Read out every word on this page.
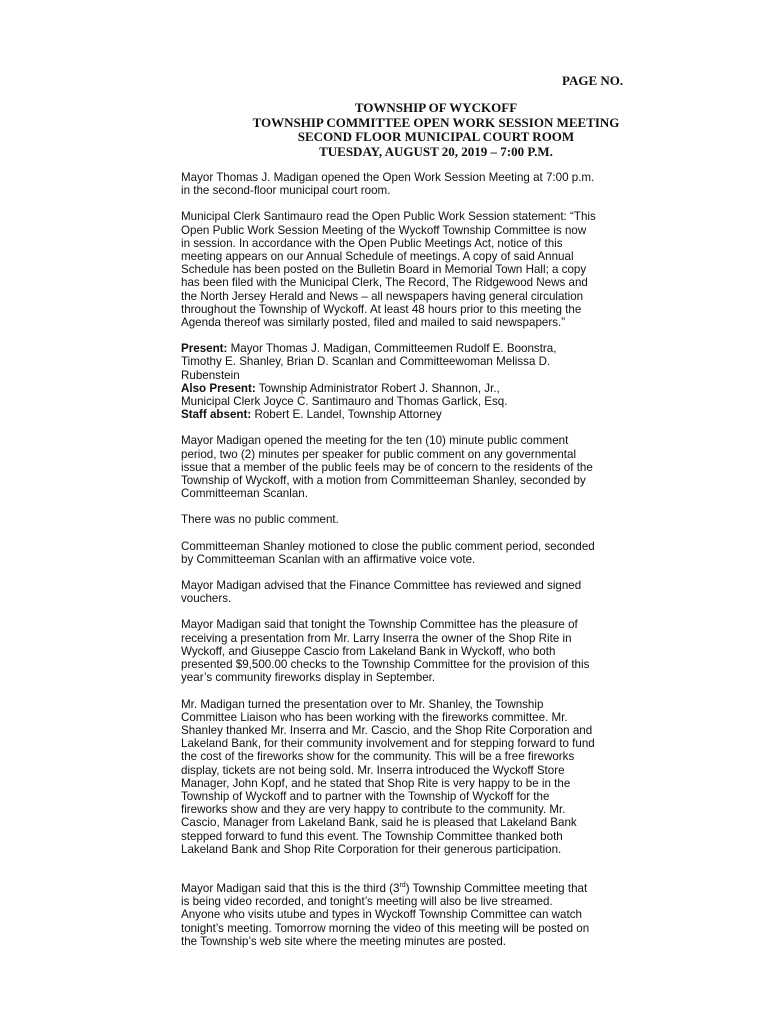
PAGE NO.
TOWNSHIP OF WYCKOFF
TOWNSHIP COMMITTEE OPEN WORK SESSION MEETING
SECOND FLOOR MUNICIPAL COURT ROOM
TUESDAY, AUGUST 20, 2019 – 7:00 P.M.

Mayor Thomas J. Madigan opened the Open Work Session Meeting at 7:00 p.m.
in the second-floor municipal court room.

Municipal Clerk Santimauro read the Open Public Work Session statement: “This
Open Public Work Session Meeting of the Wyckoff Township Committee is now
in session. In accordance with the Open Public Meetings Act, notice of this
meeting appears on our Annual Schedule of meetings. A copy of said Annual
Schedule has been posted on the Bulletin Board in Memorial Town Hall; a copy
has been filed with the Municipal Clerk, The Record, The Ridgewood News and
the North Jersey Herald and News – all newspapers having general circulation
throughout the Township of Wyckoff. At least 48 hours prior to this meeting the
Agenda thereof was similarly posted, filed and mailed to said newspapers.”

Present: Mayor Thomas J. Madigan, Committeemen Rudolf E. Boonstra,
Timothy E. Shanley, Brian D. Scanlan and Committeewoman Melissa D.
Rubenstein
Also Present: Township Administrator Robert J. Shannon, Jr.,
Municipal Clerk Joyce C. Santimauro and Thomas Garlick, Esq.
Staff absent: Robert E. Landel, Township Attorney

Mayor Madigan opened the meeting for the ten (10) minute public comment
period, two (2) minutes per speaker for public comment on any governmental
issue that a member of the public feels may be of concern to the residents of the
Township of Wyckoff, with a motion from Committeeman Shanley, seconded by
Committeeman Scanlan.

There was no public comment.

Committeeman Shanley motioned to close the public comment period, seconded
by Committeeman Scanlan with an affirmative voice vote.

Mayor Madigan advised that the Finance Committee has reviewed and signed
vouchers.

Mayor Madigan said that tonight the Township Committee has the pleasure of
receiving a presentation from Mr. Larry Inserra the owner of the Shop Rite in
Wyckoff, and Giuseppe Cascio from Lakeland Bank in Wyckoff, who both
presented $9,500.00 checks to the Township Committee for the provision of this
year’s community fireworks display in September.

Mr. Madigan turned the presentation over to Mr. Shanley, the Township
Committee Liaison who has been working with the fireworks committee. Mr.
Shanley thanked Mr. Inserra and Mr. Cascio, and the Shop Rite Corporation and
Lakeland Bank, for their community involvement and for stepping forward to fund
the cost of the fireworks show for the community. This will be a free fireworks
display, tickets are not being sold. Mr. Inserra introduced the Wyckoff Store
Manager, John Kopf, and he stated that Shop Rite is very happy to be in the
Township of Wyckoff and to partner with the Township of Wyckoff for the
fireworks show and they are very happy to contribute to the community. Mr.
Cascio, Manager from Lakeland Bank, said he is pleased that Lakeland Bank
stepped forward to fund this event. The Township Committee thanked both
Lakeland Bank and Shop Rite Corporation for their generous participation.

Mayor Madigan said that this is the third (3rd) Township Committee meeting that
is being video recorded, and tonight’s meeting will also be live streamed.
Anyone who visits utube and types in Wyckoff Township Committee can watch
tonight’s meeting. Tomorrow morning the video of this meeting will be posted on
the Township’s web site where the meeting minutes are posted.
